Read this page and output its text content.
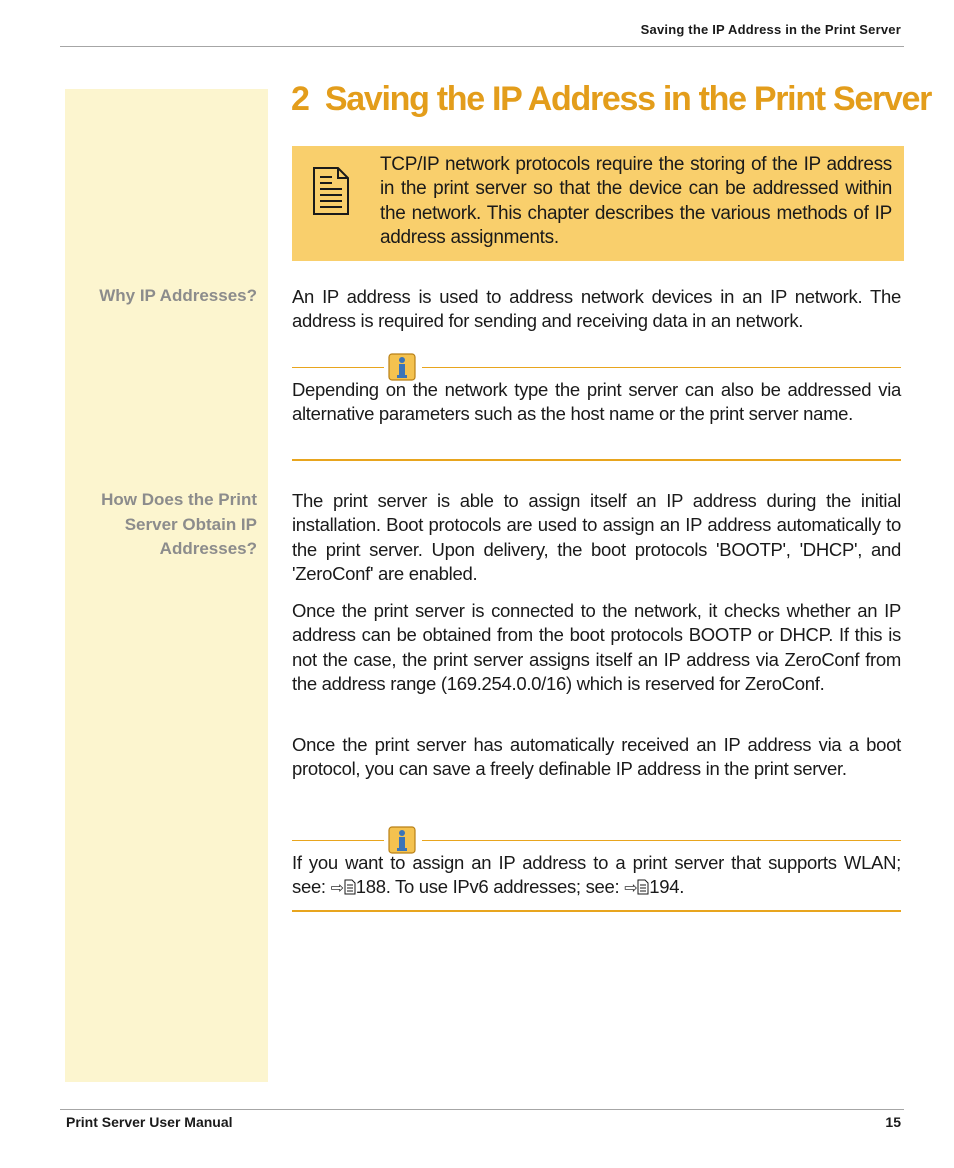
Saving the IP Address in the Print Server
2 Saving the IP Address in the Print Server

TCP/IP network protocols require the storing of the IP address in the print server so that the device can be addressed within the network. This chapter describes the various methods of IP address assignments.

Why IP Addresses? An IP address is used to address network devices in an IP network. The address is required for sending and receiving data in an network.

Depending on the network type the print server can also be addressed via alternative parameters such as the host name or the print server name.

How Does the Print Server Obtain IP Addresses?

The print server is able to assign itself an IP address during the initial installation. Boot protocols are used to assign an IP address automatically to the print server. Upon delivery, the boot protocols 'BOOTP', 'DHCP', and 'ZeroConf' are enabled.

Once the print server is connected to the network, it checks whether an IP address can be obtained from the boot protocols BOOTP or DHCP. If this is not the case, the print server assigns itself an IP address via ZeroConf from the address range (169.254.0.0/16) which is reserved for ZeroConf.

Once the print server has automatically received an IP address via a boot protocol, you can save a freely definable IP address in the print server.

If you want to assign an IP address to a print server that supports WLAN; see: ⇨ 188. To use IPv6 addresses; see: ⇨ 194.

Print Server User Manual	15
